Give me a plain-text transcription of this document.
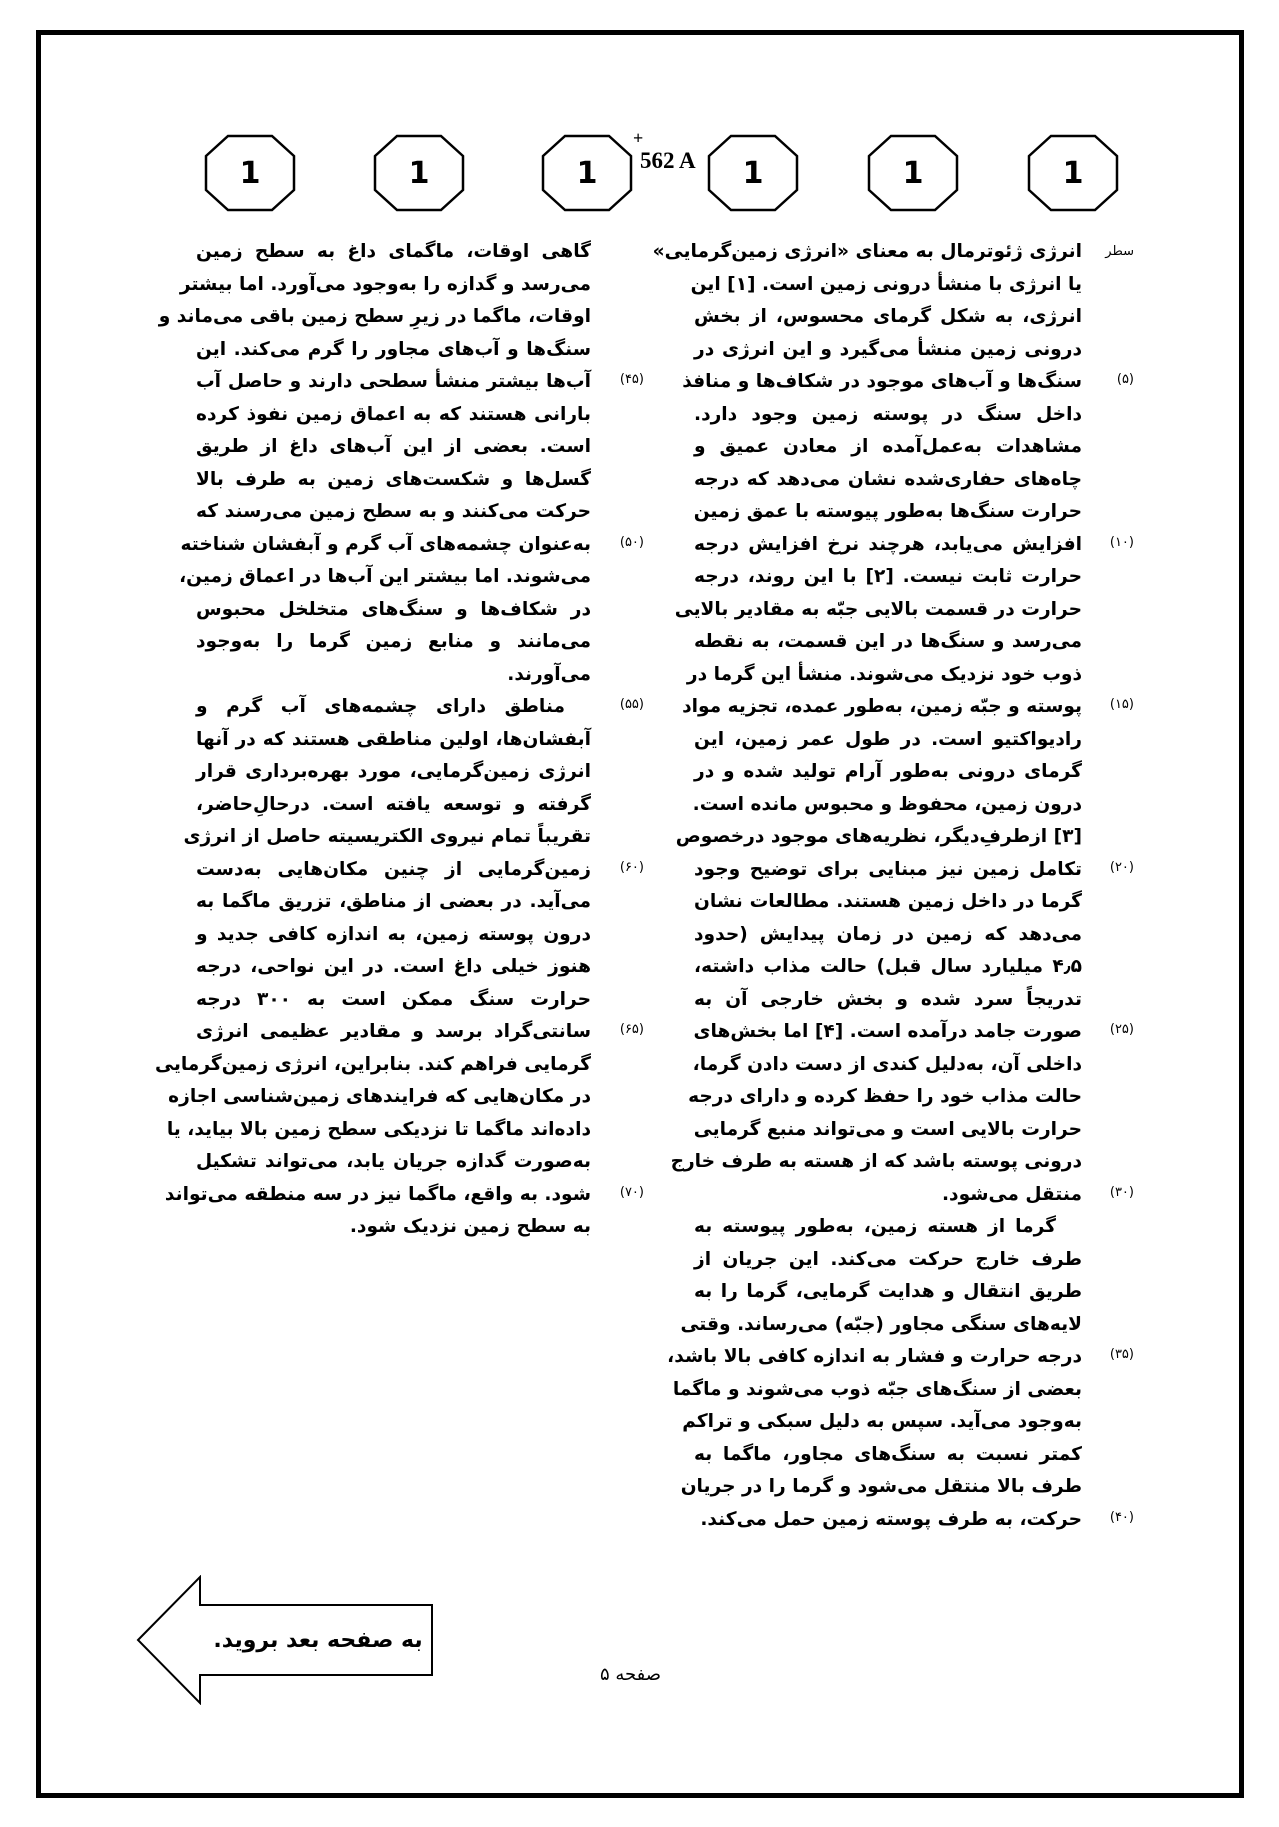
1	1	1	1	1	1
+
562 A
سطر
انرژی ژئوترمال به معنای «انرژی زمین‌گرمایی»
یا انرژی با منشأ درونی زمین است. [۱] این
انرژی، به شکل گرمای محسوس، از بخش
درونی زمین منشأ می‌گیرد و این انرژی در
سنگ‌ها و آب‌های موجود در شکاف‌ها و منافذ
داخل سنگ در پوسته زمین وجود دارد.
مشاهدات به‌عمل‌آمده از معادن عمیق و
چاه‌های حفاری‌شده نشان می‌دهد که درجه
حرارت سنگ‌ها به‌طور پیوسته با عمق زمین
افزایش می‌یابد، هرچند نرخ افزایش درجه
حرارت ثابت نیست. [۲] با این روند، درجه
حرارت در قسمت بالایی جبّه به مقادیر بالایی
می‌رسد و سنگ‌ها در این قسمت، به نقطه
ذوب خود نزدیک می‌شوند. منشأ این گرما در
پوسته و جبّه زمین، به‌طور عمده، تجزیه مواد
رادیواکتیو است. در طول عمر زمین، این
گرمای درونی به‌طور آرام تولید شده و در
درون زمین، محفوظ و محبوس مانده است.
[۳] ازطرفِ‌دیگر، نظریه‌های موجود درخصوص
تکامل زمین نیز مبنایی برای توضیح وجود
گرما در داخل زمین هستند. مطالعات نشان
می‌دهد که زمین در زمان پیدایش (حدود
۴٫۵ میلیارد سال قبل) حالت مذاب داشته،
تدریجاً سرد شده و بخش خارجی آن به
صورت جامد درآمده است. [۴] اما بخش‌های
داخلی آن، به‌دلیل کندی از دست دادن گرما،
حالت مذاب خود را حفظ کرده و دارای درجه
حرارت بالایی است و می‌تواند منبع گرمایی
درونی پوسته باشد که از هسته به طرف خارج
منتقل می‌شود.
گرما از هسته زمین، به‌طور پیوسته به
طرف خارج حرکت می‌کند. این جریان از
طریق انتقال و هدایت گرمایی، گرما را به
لایه‌های سنگی مجاور (جبّه) می‌رساند. وقتی
درجه حرارت و فشار به اندازه کافی بالا باشد،
بعضی از سنگ‌های جبّه ذوب می‌شوند و ماگما
به‌وجود می‌آید. سپس به دلیل سبکی و تراکم
کمتر نسبت به سنگ‌های مجاور، ماگما به
طرف بالا منتقل می‌شود و گرما را در جریان
حرکت، به طرف پوسته زمین حمل می‌کند.
گاهی اوقات، ماگمای داغ به سطح زمین
می‌رسد و گدازه را به‌وجود می‌آورد. اما بیشتر
اوقات، ماگما در زیرِ سطح زمین باقی می‌ماند و
سنگ‌ها و آب‌های مجاور را گرم می‌کند. این
آب‌ها بیشتر منشأ سطحی دارند و حاصل آب
بارانی هستند که به اعماق زمین نفوذ کرده
است. بعضی از این آب‌های داغ از طریق
گسل‌ها و شکست‌های زمین به طرف بالا
حرکت می‌کنند و به سطح زمین می‌رسند که
به‌عنوان چشمه‌های آب گرم و آبفشان شناخته
می‌شوند. اما بیشتر این آب‌ها در اعماق زمین،
در شکاف‌ها و سنگ‌های متخلخل محبوس
می‌مانند و منابع زمین گرما را به‌وجود
می‌آورند.
مناطق دارای چشمه‌های آب گرم و
آبفشان‌ها، اولین مناطقی هستند که در آنها
انرژی زمین‌گرمایی، مورد بهره‌برداری قرار
گرفته و توسعه یافته است. درحالِ‌حاضر،
تقریباً تمام نیروی الکتریسیته حاصل از انرژی
زمین‌گرمایی از چنین مکان‌هایی به‌دست
می‌آید. در بعضی از مناطق، تزریق ماگما به
درون پوسته زمین، به اندازه کافی جدید و
هنوز خیلی داغ است. در این نواحی، درجه
حرارت سنگ ممکن است به ۳۰۰ درجه
سانتی‌گراد برسد و مقادیر عظیمی انرژی
گرمایی فراهم کند. بنابراین، انرژی زمین‌گرمایی
در مکان‌هایی که فرایندهای زمین‌شناسی اجازه
داده‌اند ماگما تا نزدیکی سطح زمین بالا بیاید، یا
به‌صورت گدازه جریان یابد، می‌تواند تشکیل
شود. به واقع، ماگما نیز در سه منطقه می‌تواند
به سطح زمین نزدیک شود.
به صفحه بعد بروید.
صفحه ۵
(۵)
(۱۰)
(۱۵)
(۲۰)
(۲۵)
(۳۰)
(۳۵)
(۴۰)
(۴۵)
(۵۰)
(۵۵)
(۶۰)
(۶۵)
(۷۰)
